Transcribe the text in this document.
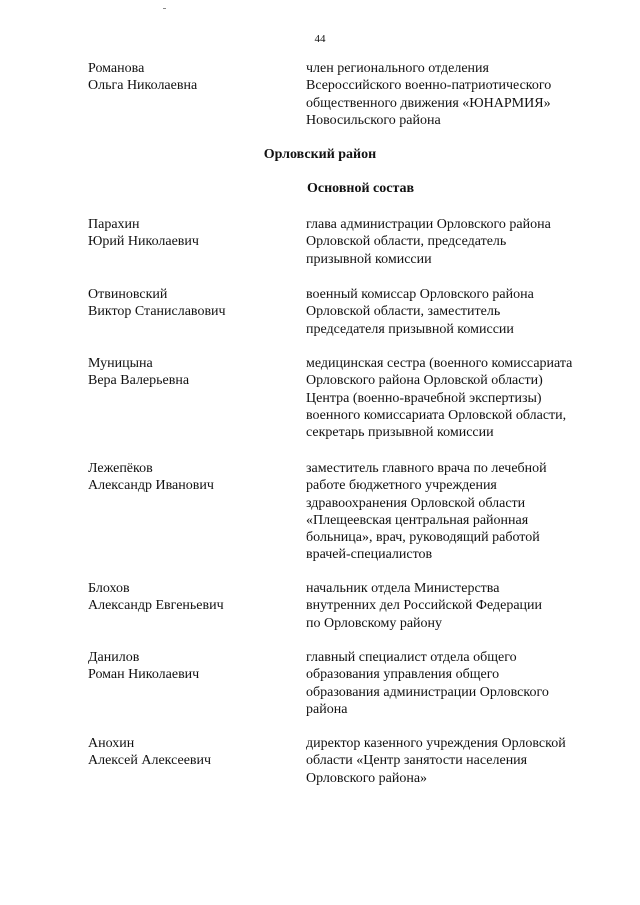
44
Романова
Ольга Николаевна
член регионального отделения
Всероссийского военно-патриотического
общественного движения «ЮНАРМИЯ»
Новосильского района
Орловский район
Основной состав
Парахин
Юрий Николаевич
глава администрации Орловского района
Орловской области, председатель
призывной комиссии
Отвиновский
Виктор Станиславович
военный комиссар Орловского района
Орловской области, заместитель
председателя призывной комиссии
Муницына
Вера Валерьевна
медицинская сестра (военного комиссариата
Орловского района Орловской области)
Центра (военно-врачебной экспертизы)
военного комиссариата Орловской области,
секретарь призывной комиссии
Лежепёков
Александр Иванович
заместитель главного врача по лечебной
работе бюджетного учреждения
здравоохранения Орловской области
«Плещеевская центральная районная
больница», врач, руководящий работой
врачей-специалистов
Блохов
Александр Евгеньевич
начальник отдела Министерства
внутренних дел Российской Федерации
по Орловскому району
Данилов
Роман Николаевич
главный специалист отдела общего
образования управления общего
образования администрации Орловского
района
Анохин
Алексей Алексеевич
директор казенного учреждения Орловской
области «Центр занятости населения
Орловского района»
